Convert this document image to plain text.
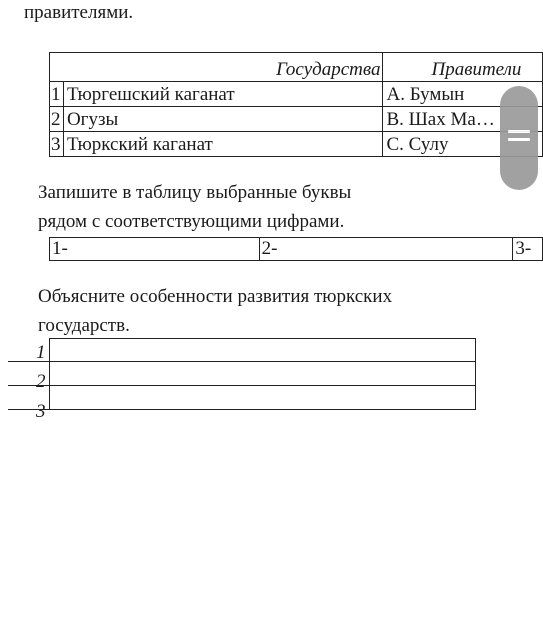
правителями.
Государства		Правители
1	Тюргешский каганат	A. Бумын
2	Огузы	B. Шах Ма…
3	Тюркский каганат	C. Сулу
Запишите в таблицу выбранные буквы
рядом с соответствующими цифрами.
1-	2-	3-
Объясните особенности развития тюркских
государств.
1
2
3
